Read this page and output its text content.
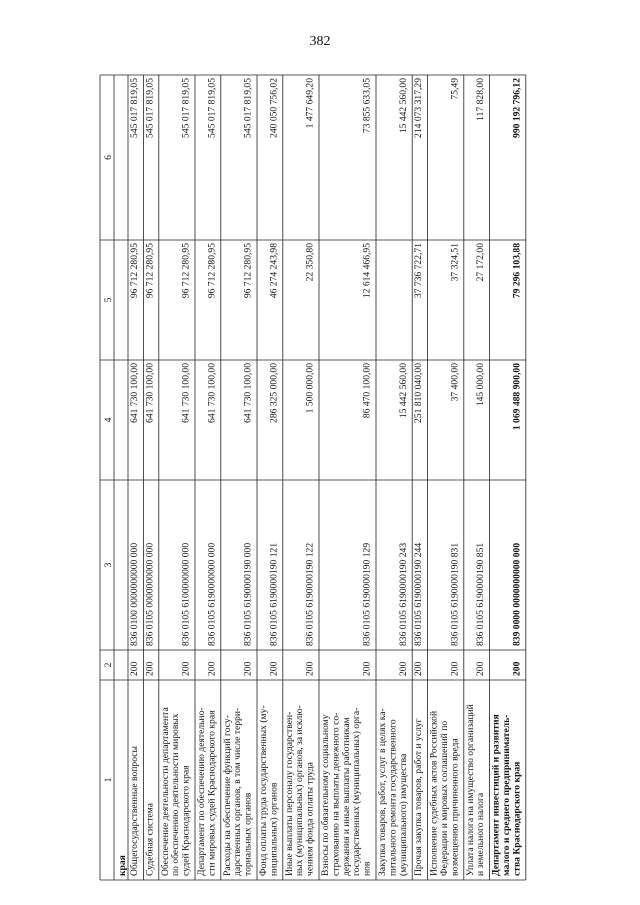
382
1
2
3
4
5
6
края Общегосударственные вопросы
200
836 0100 0000000000 000
641 730 100,00
96 712 280,95
545 017 819,05
Судебная система
200
836 0105 0000000000 000
641 730 100,00
96 712 280,95
545 017 819,05
Обеспечение деятельности департамента по обеспечению деятельности мировых судей Краснодарского края
200
836 0105 6100000000 000
641 730 100,00
96 712 280,95
545 017 819,05
Департамент по обеспечению деятельно- сти мировых судей Краснодарского края
200
836 0105 6190000000 000
641 730 100,00
96 712 280,95
545 017 819,05
Расходы на обеспечение функций госу- дарственных органов, в том числе терри- ториальных органов
200
836 0105 6190000190 000
641 730 100,00
96 712 280,95
545 017 819,05
Фонд оплаты труда государственных (му- ниципальных) органов
200
836 0105 6190000190 121
286 325 000,00
46 274 243,98
240 050 756,02
Иные выплаты персоналу государствен- ных (муниципальных) органов, за исклю- чением фонда оплаты труда
200
836 0105 6190000190 122
1 500 000,00
22 350,80
1 477 649,20
Взносы по обязательному социальному страхованию на выплаты денежного со- держания и иные выплаты работникам государственных (муниципальных) орга- нов
200
836 0105 6190000190 129
86 470 100,00
12 614 466,95
73 855 633,05
Закупка товаров, работ, услуг в целях ка- питального ремонта государственного (муниципального) имущества
200
836 0105 6190000190 243
15 442 560,00
15 442 560,00
Прочая закупка товаров, работ и услуг
200
836 0105 6190000190 244
251 810 040,00
37 736 722,71
214 073 317,29
Исполнение судебных актов Российской Федерации и мировых соглашений по возмещению причиненного вреда
200
836 0105 6190000190 831
37 400,00
37 324,51
75,49
Уплата налога на имущество организаций и земельного налога
200
836 0105 6190000190 851
145 000,00
27 172,00
117 828,00
Департамент инвестиций и развития малого и среднего предприниматель- ства Краснодарского края
200
839 0000 0000000000 000
1 069 488 900,00
79 296 103,88
990 192 796,12
